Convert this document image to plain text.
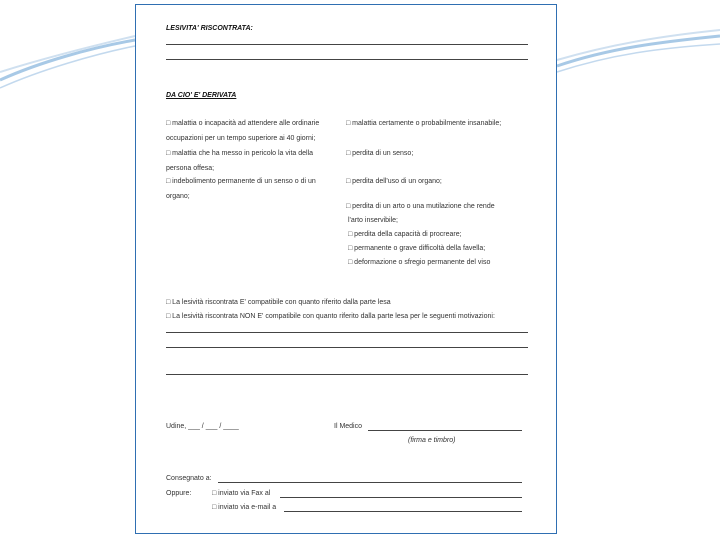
LESIVITA' RISCONTRATA:
DA CIO' E' DERIVATA
□ malattia o incapacità ad attendere alle ordinarie
occupazioni per un tempo superiore ai 40 giorni;
□ malattia che ha messo in pericolo la vita della
persona offesa;
□ indebolimento permanente di un senso o di un
organo;
□ malattia certamente o probabilmente insanabile;
□ perdita di un senso;
□ perdita dell'uso di un organo;
□ perdita di un arto o una mutilazione che rende
l'arto inservibile;
□ perdita della capacità di procreare;
□ permanente o grave difficoltà della favella;
□ deformazione o sfregio permanente del viso
□ La lesività riscontrata E' compatibile con quanto riferito dalla parte lesa
□ La lesività riscontrata NON E' compatibile con quanto riferito dalla parte lesa per le seguenti motivazioni:
Udine, ___ / ___ / ____	Il Medico
(firma e timbro)
Consegnato a:
Oppure:	□ inviato via Fax al
□ inviato via e-mail a
